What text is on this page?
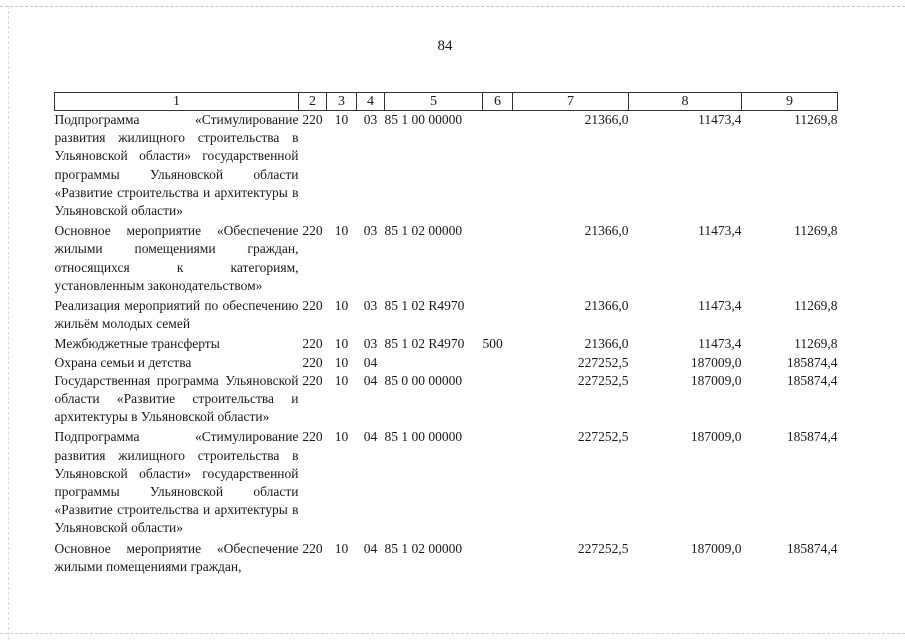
84
1	2	3	4	5	6	7	8	9
Подпрограмма «Стимулирование развития жилищного строительства в Ульяновской области» государственной программы Ульяновской области «Развитие строительства и архитектуры в Ульяновской области»	220	10	03	85 1 00 00000		21366,0	11473,4	11269,8
Основное мероприятие «Обеспечение жилыми помещениями граждан, относящихся к категориям, установленным законодательством»	220	10	03	85 1 02 00000		21366,0	11473,4	11269,8
Реализация мероприятий по обеспечению жильём молодых семей	220	10	03	85 1 02 R4970		21366,0	11473,4	11269,8
Межбюджетные трансферты	220	10	03	85 1 02 R4970	500	21366,0	11473,4	11269,8
Охрана семьи и детства	220	10	04			227252,5	187009,0	185874,4
Государственная программа Ульяновской области «Развитие строительства и архитектуры в Ульяновской области»	220	10	04	85 0 00 00000		227252,5	187009,0	185874,4
Подпрограмма «Стимулирование развития жилищного строительства в Ульяновской области» государственной программы Ульяновской области «Развитие строительства и архитектуры в Ульяновской области»	220	10	04	85 1 00 00000		227252,5	187009,0	185874,4
Основное мероприятие «Обеспечение жилыми помещениями граждан,	220	10	04	85 1 02 00000		227252,5	187009,0	185874,4
